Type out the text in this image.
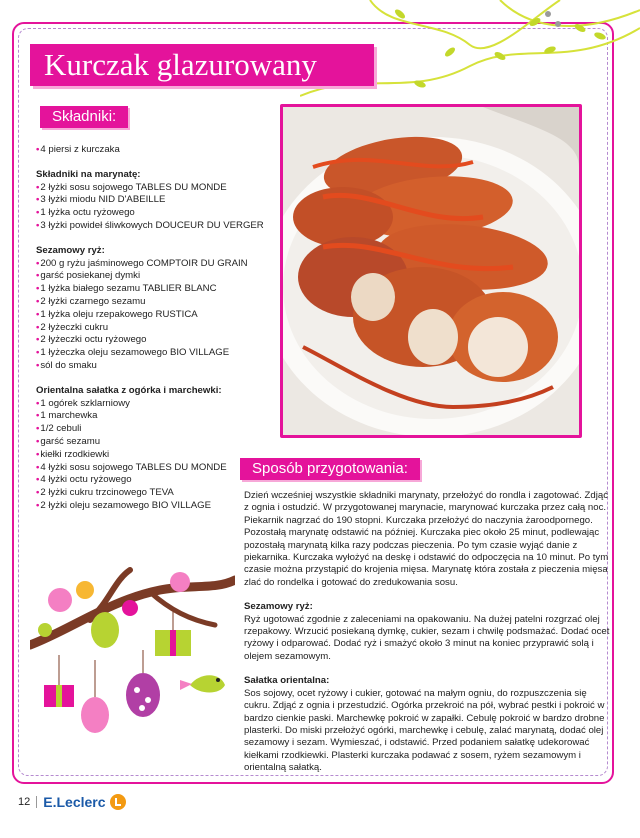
Kurczak glazurowany
Składniki:
•4 piersi z kurczaka
Składniki na marynatę:
•2 łyżki sosu sojowego TABLES DU MONDE
•3 łyżki miodu NID D'ABEILLE
•1 łyżka octu ryżowego
•3 łyżki powideł śliwkowych DOUCEUR DU VERGER
Sezamowy ryż:
•200 g ryżu jaśminowego COMPTOIR DU GRAIN
•garść posiekanej dymki
•1 łyżka białego sezamu TABLIER BLANC
•2 łyżki czarnego sezamu
•1 łyżka oleju rzepakowego RUSTICA
•2 łyżeczki cukru
•2 łyżeczki octu ryżowego
•1 łyżeczka oleju sezamowego BIO VILLAGE
•sól do smaku
Orientalna sałatka z ogórka i marchewki:
•1 ogórek szklarniowy
•1 marchewka
•1/2 cebuli
•garść sezamu
•kiełki rzodkiewki
•4 łyżki sosu sojowego TABLES DU MONDE
•4 łyżki octu ryżowego
•2 łyżki cukru trzcinowego TEVA
•2 łyżki oleju sezamowego BIO VILLAGE
Sposób przygotowania:

Dzień wcześniej wszystkie składniki marynaty, przełożyć do rondla i zagotować. Zdjąć z ognia i ostudzić. W przygotowanej marynacie, marynować kurczaka przez całą noc. Piekarnik nagrzać do 190 stopni. Kurczaka przełożyć do naczynia żaroodpornego. Pozostałą marynatę odstawić na później. Kurczaka piec około 25 minut, podlewając pozostałą marynatą kilka razy podczas pieczenia. Po tym czasie wyjąć danie z piekarnika. Kurczaka wyłożyć na deskę i odstawić do odpoczęcia na 10 minut. Po tym czasie można przystąpić do krojenia mięsa. Marynatę która została z pieczenia mięsa zlać do rondelka i gotować do zredukowania sosu.

Sezamowy ryż:

Ryż ugotować zgodnie z zaleceniami na opakowaniu. Na dużej patelni rozgrzać olej rzepakowy. Wrzucić posiekaną dymkę, cukier, sezam i chwilę podsmażać. Dodać ocet ryżowy i odparować. Dodać ryż i smażyć około 3 minut na koniec przyprawić solą i olejem sezamowym.

Sałatka orientalna:

Sos sojowy, ocet ryżowy i cukier, gotować na małym ogniu, do rozpuszczenia się cukru. Zdjąć z ognia i przestudzić. Ogórka przekroić na pół, wybrać pestki i pokroić w bardzo cienkie paski. Marchewkę pokroić w zapałki. Cebulę pokroić w bardzo drobne plasterki. Do miski przełożyć ogórki, marchewkę i cebulę, zalać marynatą, dodać olej sezamowy i sezam. Wymieszać, i odstawić. Przed podaniem sałatkę udekorować kiełkami rzodkiewki. Plasterki kurczaka podawać z sosem, ryżem sezamowym i orientalną sałatką.

12 E.Leclerc
